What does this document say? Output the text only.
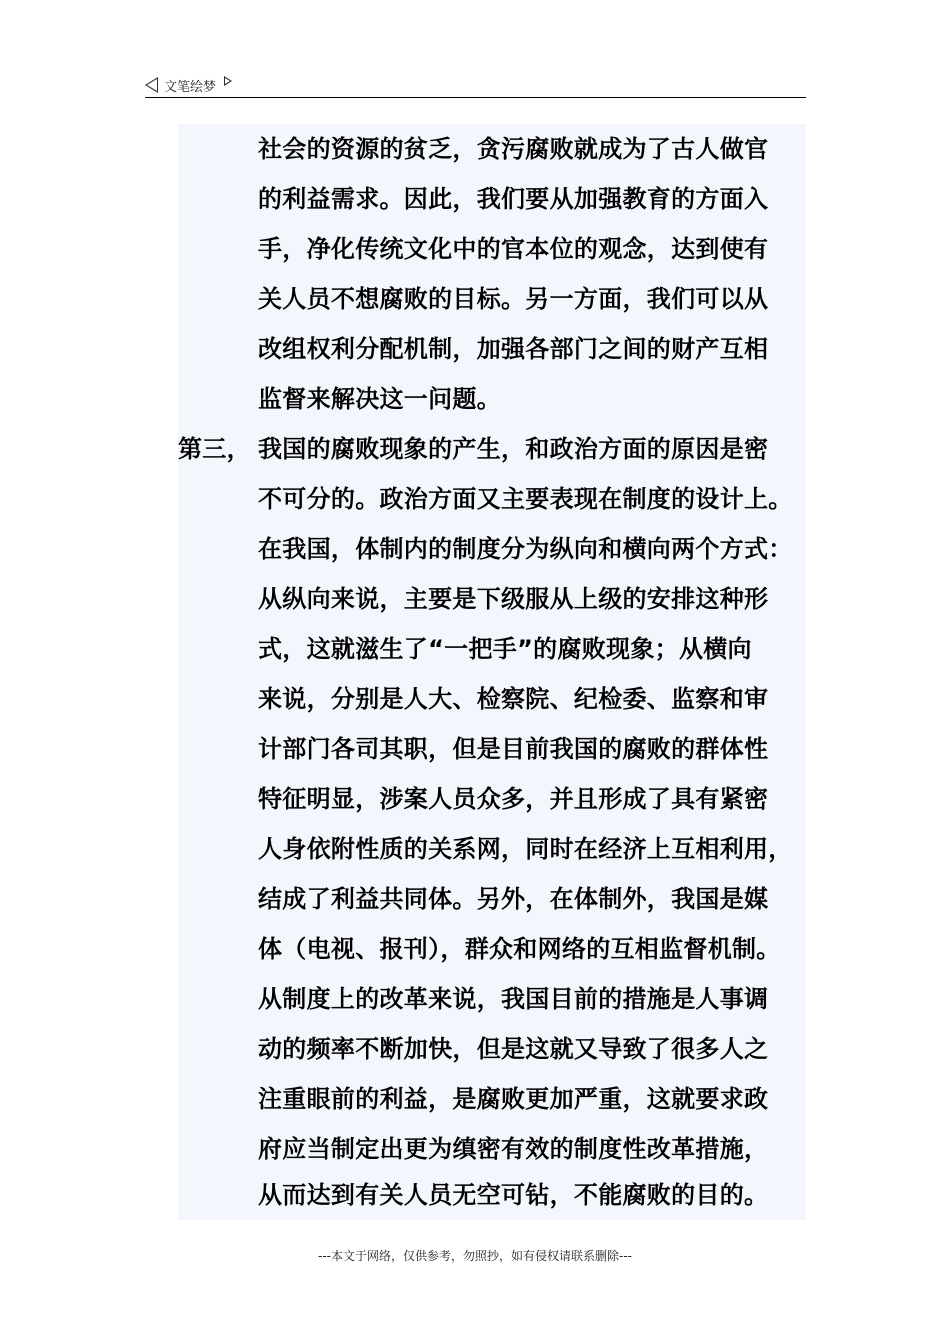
文笔绘梦
社会的资源的贫乏，贪污腐败就成为了古人做官
的利益需求。因此，我们要从加强教育的方面入
手，净化传统文化中的官本位的观念，达到使有
关人员不想腐败的目标。另一方面，我们可以从
改组权利分配机制，加强各部门之间的财产互相
监督来解决这一问题。
第三， 我国的腐败现象的产生，和政治方面的原因是密
不可分的。政治方面又主要表现在制度的设计上。
在我国，体制内的制度分为纵向和横向两个方式：
从纵向来说，主要是下级服从上级的安排这种形
式，这就滋生了“一把手”的腐败现象；从横向
来说，分别是人大、检察院、纪检委、监察和审
计部门各司其职，但是目前我国的腐败的群体性
特征明显，涉案人员众多，并且形成了具有紧密
人身依附性质的关系网，同时在经济上互相利用，
结成了利益共同体。另外，在体制外，我国是媒
体（电视、报刊），群众和网络的互相监督机制。
从制度上的改革来说，我国目前的措施是人事调
动的频率不断加快，但是这就又导致了很多人之
注重眼前的利益，是腐败更加严重，这就要求政
府应当制定出更为缜密有效的制度性改革措施，
从而达到有关人员无空可钻，不能腐败的目的。
---本文于网络，仅供参考，勿照抄，如有侵权请联系删除---
